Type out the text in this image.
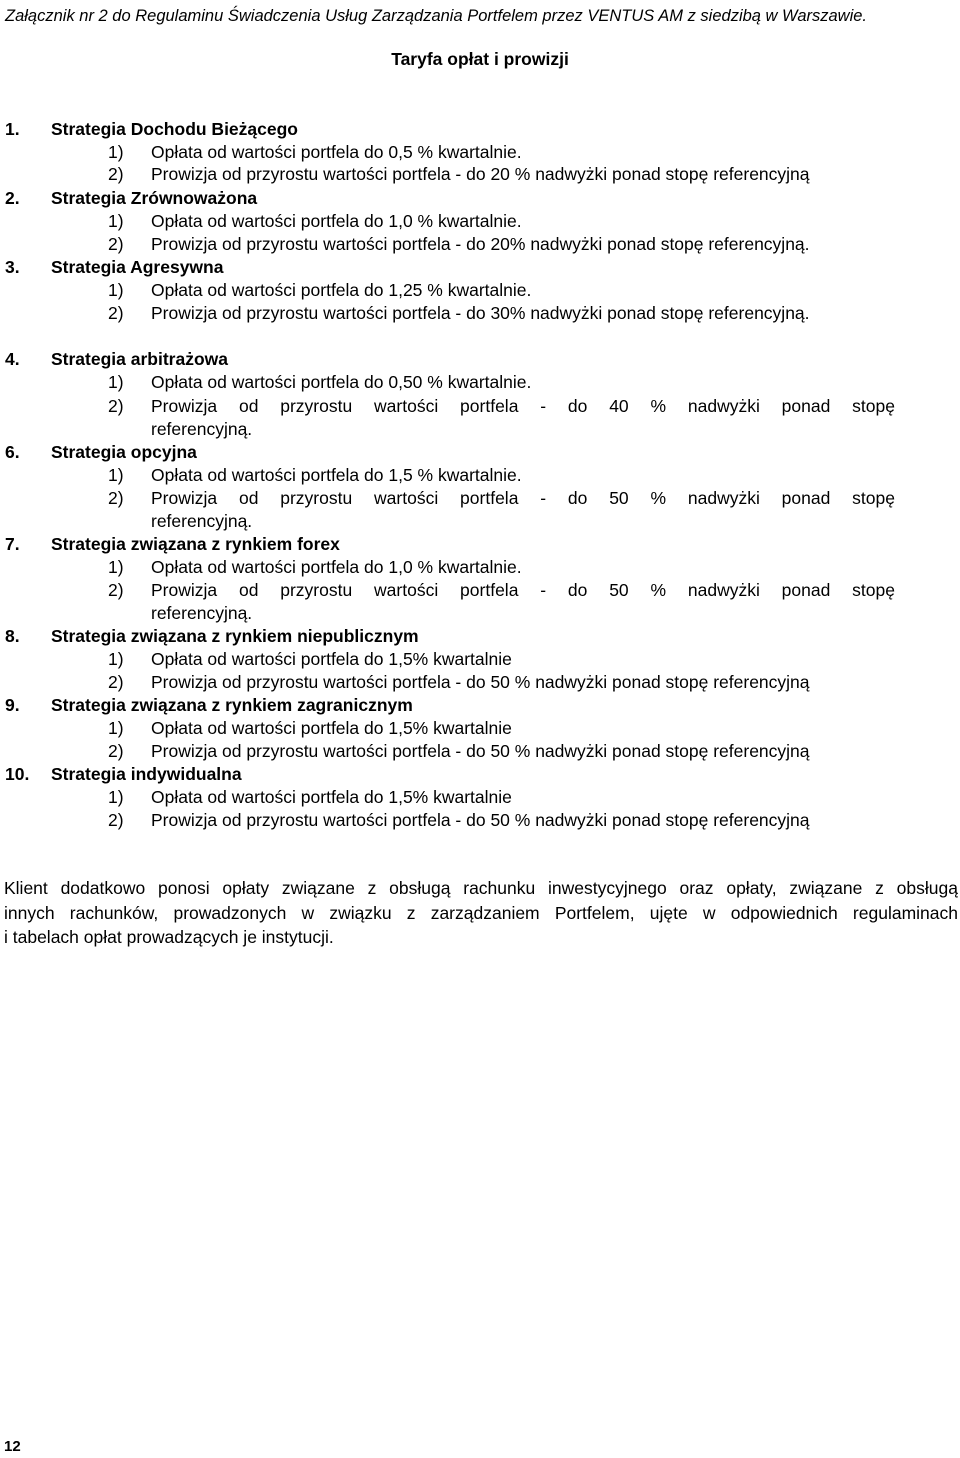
Załącznik nr 2 do Regulaminu Świadczenia Usług Zarządzania Portfelem przez VENTUS AM z siedzibą w Warszawie.
Taryfa opłat i prowizji
1. Strategia Dochodu Bieżącego
1) Opłata od wartości portfela do 0,5 % kwartalnie.
2) Prowizja od przyrostu wartości portfela - do 20 % nadwyżki ponad stopę referencyjną
2. Strategia Zrównoważona
1) Opłata od wartości portfela do 1,0 % kwartalnie.
2) Prowizja od przyrostu wartości portfela - do 20% nadwyżki ponad stopę referencyjną.
3. Strategia Agresywna
1) Opłata od wartości portfela do 1,25 % kwartalnie.
2) Prowizja od przyrostu wartości portfela - do 30% nadwyżki ponad stopę referencyjną.
4. Strategia arbitrażowa
1) Opłata od wartości portfela do 0,50 % kwartalnie.
2) Prowizja od przyrostu wartości portfela - do 40 % nadwyżki ponad stopę
referencyjną.
6. Strategia opcyjna
1) Opłata od wartości portfela do 1,5 % kwartalnie.
2) Prowizja od przyrostu wartości portfela - do 50 % nadwyżki ponad stopę
referencyjną.
7. Strategia związana z rynkiem forex
1) Opłata od wartości portfela do 1,0 % kwartalnie.
2) Prowizja od przyrostu wartości portfela - do 50 % nadwyżki ponad stopę
referencyjną.
8. Strategia związana z rynkiem niepublicznym
1) Opłata od wartości portfela do 1,5% kwartalnie
2) Prowizja od przyrostu wartości portfela - do 50 % nadwyżki ponad stopę referencyjną
9. Strategia związana z rynkiem zagranicznym
1) Opłata od wartości portfela do 1,5% kwartalnie
2) Prowizja od przyrostu wartości portfela - do 50 % nadwyżki ponad stopę referencyjną
10. Strategia indywidualna
1) Opłata od wartości portfela do 1,5% kwartalnie
2) Prowizja od przyrostu wartości portfela - do 50 % nadwyżki ponad stopę referencyjną
Klient dodatkowo ponosi opłaty związane z obsługą rachunku inwestycyjnego oraz opłaty, związane z obsługą
innych rachunków, prowadzonych w związku z zarządzaniem Portfelem, ujęte w odpowiednich regulaminach
i tabelach opłat prowadzących je instytucji.
12
